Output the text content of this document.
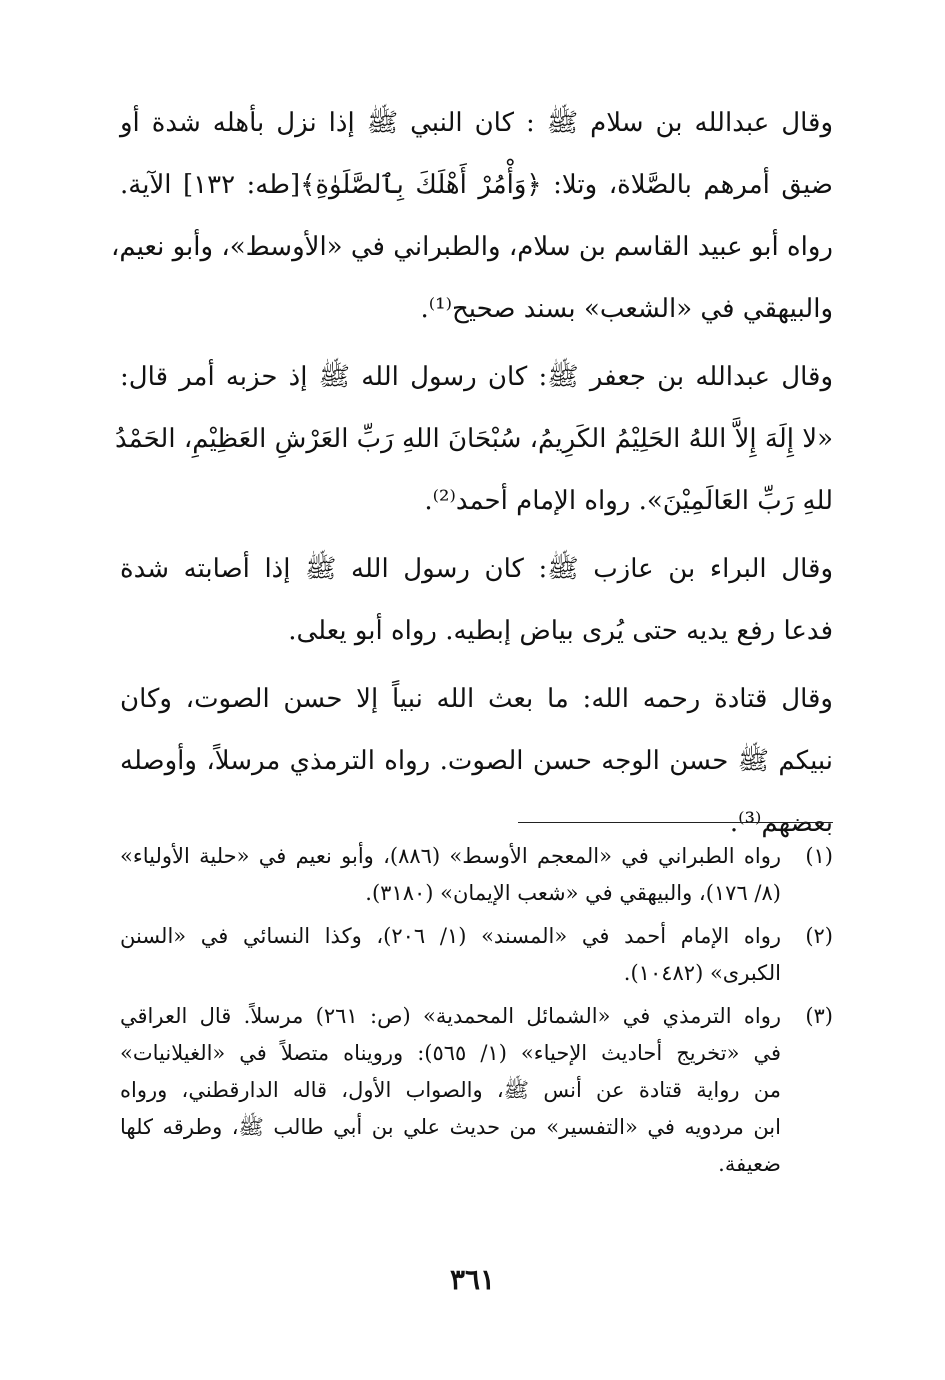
وقال عبدالله بن سلام ﷺ : كان النبي ﷺ إذا نزل بأهله شدة أو
ضيق أمرهم بالصَّلاة، وتلا: ﴿وَأْمُرْ أَهْلَكَ بِٱلصَّلَوٰةِ﴾[طه: ١٣٢] الآية.
رواه أبو عبيد القاسم بن سلام، والطبراني في «الأوسط»، وأبو نعيم،
والبيهقي في «الشعب» بسند صحيح⁽¹⁾.

وقال عبدالله بن جعفر ﷺ: كان رسول الله ﷺ إذ حزبه أمر قال:
«لا إِلَهَ إِلاَّ اللهُ الحَلِيْمُ الكَرِيمُ، سُبْحَانَ اللهِ رَبِّ العَرْشِ العَظِيْمِ، الحَمْدُ
للهِ رَبِّ العَالَمِيْنَ». رواه الإمام أحمد⁽²⁾.

وقال البراء بن عازب ﷺ: كان رسول الله ﷺ إذا أصابته شدة
فدعا رفع يديه حتى يُرى بياض إبطيه. رواه أبو يعلى.

وقال قتادة رحمه الله: ما بعث الله نبياً إلا حسن الصوت، وكان
نبيكم ﷺ حسن الوجه حسن الصوت. رواه الترمذي مرسلاً، وأوصله
بعضهم⁽³⁾.

(١)
رواه الطبراني في «المعجم الأوسط» (٨٨٦)، وأبو نعيم في «حلية الأولياء»
(٨/ ١٧٦)، والبيهقي في «شعب الإيمان» (٣١٨٠).
(٢)
رواه الإمام أحمد في «المسند» (١/ ٢٠٦)، وكذا النسائي في «السنن
الكبرى» (١٠٤٨٢).
(٣)
رواه الترمذي في «الشمائل المحمدية» (ص: ٢٦١) مرسلاً. قال العراقي
في «تخريج أحاديث الإحياء» (١/ ٥٦٥): ورويناه متصلاً في «الغيلانيات»
من رواية قتادة عن أنس ﷺ، والصواب الأول، قاله الدارقطني، ورواه
ابن مردويه في «التفسير» من حديث علي بن أبي طالب ﷺ، وطرقه كلها
ضعيفة.
٣٦١
